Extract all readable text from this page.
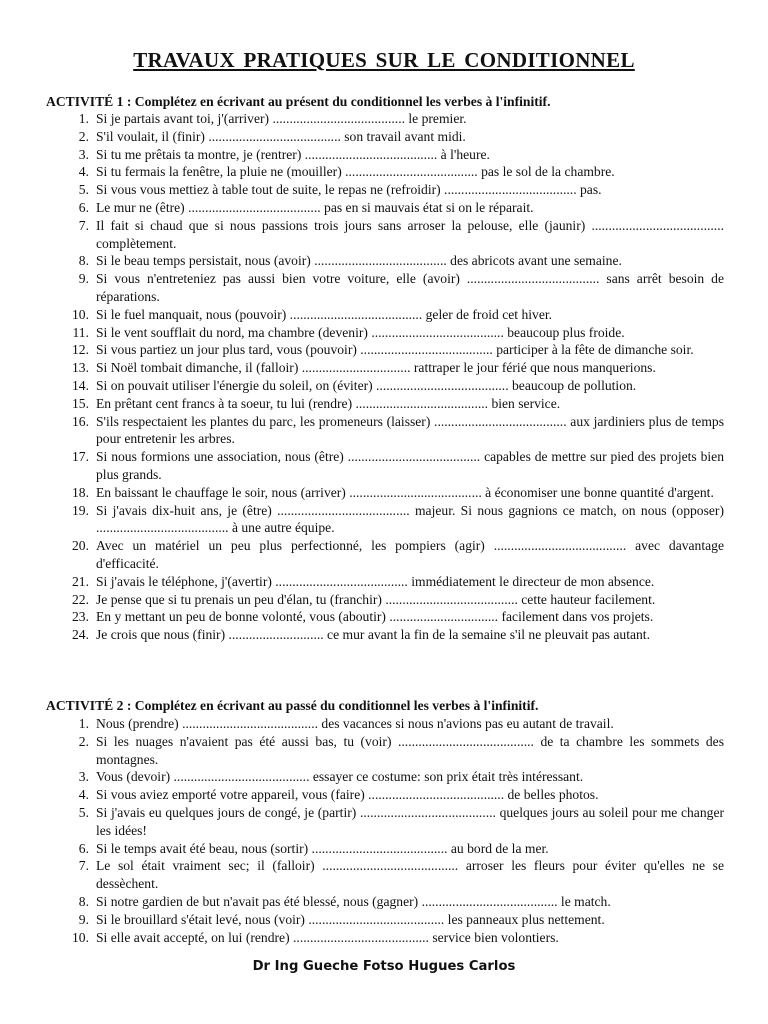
TRAVAUX PRATIQUES SUR LE CONDITIONNEL
ACTIVITÉ 1 : Complétez en écrivant au présent du conditionnel les verbes à l'infinitif.
1. Si je partais avant toi, j'(arriver) ....................................... le premier.
2. S'il voulait, il (finir) ....................................... son travail avant midi.
3. Si tu me prêtais ta montre, je (rentrer) ....................................... à l'heure.
4. Si tu fermais la fenêtre, la pluie ne (mouiller) ....................................... pas le sol de la chambre.
5. Si vous vous mettiez à table tout de suite, le repas ne (refroidir) ....................................... pas.
6. Le mur ne (être) ....................................... pas en si mauvais état si on le réparait.
7. Il fait si chaud que si nous passions trois jours sans arroser la pelouse, elle (jaunir) ....................................... complètement.
8. Si le beau temps persistait, nous (avoir) ....................................... des abricots avant une semaine.
9. Si vous n'entreteniez pas aussi bien votre voiture, elle (avoir) ....................................... sans arrêt besoin de réparations.
10. Si le fuel manquait, nous (pouvoir) ....................................... geler de froid cet hiver.
11. Si le vent soufflait du nord, ma chambre (devenir) ....................................... beaucoup plus froide.
12. Si vous partiez un jour plus tard, vous (pouvoir) ....................................... participer à la fête de dimanche soir.
13. Si Noël tombait dimanche, il (falloir) ................................ rattraper le jour férié que nous manquerions.
14. Si on pouvait utiliser l'énergie du soleil, on (éviter) ....................................... beaucoup de pollution.
15. En prêtant cent francs à ta soeur, tu lui (rendre) ....................................... bien service.
16. S'ils respectaient les plantes du parc, les promeneurs (laisser) ....................................... aux jardiniers plus de temps pour entretenir les arbres.
17. Si nous formions une association, nous (être) ....................................... capables de mettre sur pied des projets bien plus grands.
18. En baissant le chauffage le soir, nous (arriver) ....................................... à économiser une bonne quantité d'argent.
19. Si j'avais dix-huit ans, je (être) ....................................... majeur. Si nous gagnions ce match, on nous (opposer) ....................................... à une autre équipe.
20. Avec un matériel un peu plus perfectionné, les pompiers (agir) ....................................... avec davantage d'efficacité.
21. Si j'avais le téléphone, j'(avertir) ....................................... immédiatement le directeur de mon absence.
22. Je pense que si tu prenais un peu d'élan, tu (franchir) ....................................... cette hauteur facilement.
23. En y mettant un peu de bonne volonté, vous (aboutir) ................................ facilement dans vos projets.
24. Je crois que nous (finir) ............................ ce mur avant la fin de la semaine s'il ne pleuvait pas autant.
ACTIVITÉ 2 : Complétez en écrivant au passé du conditionnel les verbes à l'infinitif.
1. Nous (prendre) ........................................ des vacances si nous n'avions pas eu autant de travail.
2. Si les nuages n'avaient pas été aussi bas, tu (voir) ........................................ de ta chambre les sommets des montagnes.
3. Vous (devoir) ........................................ essayer ce costume: son prix était très intéressant.
4. Si vous aviez emporté votre appareil, vous (faire) ........................................ de belles photos.
5. Si j'avais eu quelques jours de congé, je (partir) ........................................ quelques jours au soleil pour me changer les idées!
6. Si le temps avait été beau, nous (sortir) ........................................ au bord de la mer.
7. Le sol était vraiment sec; il (falloir) ........................................ arroser les fleurs pour éviter qu'elles ne se dessèchent.
8. Si notre gardien de but n'avait pas été blessé, nous (gagner) ........................................ le match.
9. Si le brouillard s'était levé, nous (voir) ........................................ les panneaux plus nettement.
10. Si elle avait accepté, on lui (rendre) ........................................ service bien volontiers.
Dr Ing Gueche Fotso Hugues Carlos
